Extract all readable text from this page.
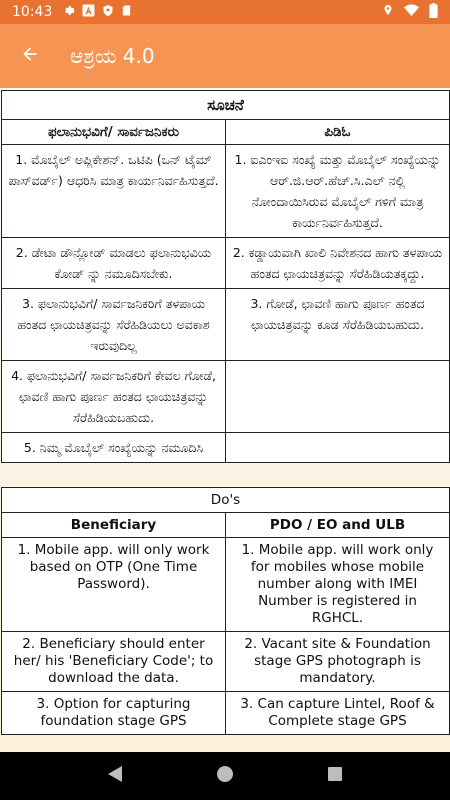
10:43
ಆಶ್ರಯ 4.0
ಸೂಚನೆ	
ಫಲಾನುಭವಿಗೆ/ ಸಾರ್ವಜನಿಕರು	ಪಿಡಿಓ
1. ಮೊಬೈಲ್ ಅಪ್ಲಿಕೇಶನ್. ಒಟಿಪಿ (ಒನ್ ಟೈಮ್ ಪಾಸ್‌ವರ್ಡ್) ಆಧರಿಸಿ ಮಾತ್ರ ಕಾರ್ಯನಿರ್ವಹಿಸುತ್ತದೆ.	1. ಐಎಂಇಐ ಸಂಖ್ಯೆ ಮತ್ತು ಮೊಬೈಲ್ ಸಂಖ್ಯೆಯನ್ನು ಆರ್.ಜಿ.ಆರ್.ಹೆಚ್.ಸಿ.ಎಲ್ ನಲ್ಲಿ ನೋಂದಾಯಿಸಿರುವ ಮೊಬೈಲ್ ಗಳಿಗೆ ಮಾತ್ರ ಕಾರ್ಯನಿರ್ವಹಿಸುತ್ತದೆ.
2. ಡೇಟಾ ಡೌನ್ಲೋಡ್ ಮಾಡಲು ಫಲಾನುಭವಿಯ ಕೋಡ್ ನ್ನು ನಮೂದಿಸಬೇಕು.	2. ಕಡ್ಡಾಯವಾಗಿ ಖಾಲಿ ನಿವೇಶನದ ಹಾಗು ತಳಪಾಯ ಹಂತದ ಛಾಯಚಿತ್ರವನ್ನು ಸೆರೆಹಿಡಿಯತಕ್ಕದ್ದು.
3. ಫಲಾನುಭವಿಗೆ/ ಸಾರ್ವಜನಿಕರಿಗೆ ತಳಪಾಯ ಹಂತದ ಛಾಯಚಿತ್ರವನ್ನು ಸೆರೆಹಿಡಿಯಲು ಅವಕಾಶ ಇರುವುದಿಲ್ಲ	3. ಗೋಡೆ, ಛಾವಣಿ ಹಾಗು ಪೂರ್ಣ ಹಂತದ ಛಾಯಚಿತ್ರವನ್ನು ಕೂಡ ಸೆರೆಹಿಡಿಯಬಹುದು.
4. ಫಲಾನುಭವಿಗೆ/ ಸಾರ್ವಜನಿಕರಿಗೆ ಕೇವಲ ಗೋಡೆ, ಛಾವಣಿ ಹಾಗು ಪೂರ್ಣ ಹಂತದ ಛಾಯಚಿತ್ರವನ್ನು ಸೆರೆಹಿಡಿಯಬಹುದು.	
5. ನಿಮ್ಮ ಮೊಬೈಲ್ ಸಂಖ್ಯೆಯನ್ನು ನಮೂದಿಸಿ	
Do's	
Beneficiary	PDO / EO and ULB
1. Mobile app. will only work based on OTP (One Time Password).	1. Mobile app. will work only for mobiles whose mobile number along with IMEI Number is registered in RGHCL.
2. Beneficiary should enter her/ his 'Beneficiary Code'; to download the data.	2. Vacant site & Foundation stage GPS photograph is mandatory.
3. Option for capturing foundation stage GPS	3. Can capture Lintel, Roof & Complete stage GPS
